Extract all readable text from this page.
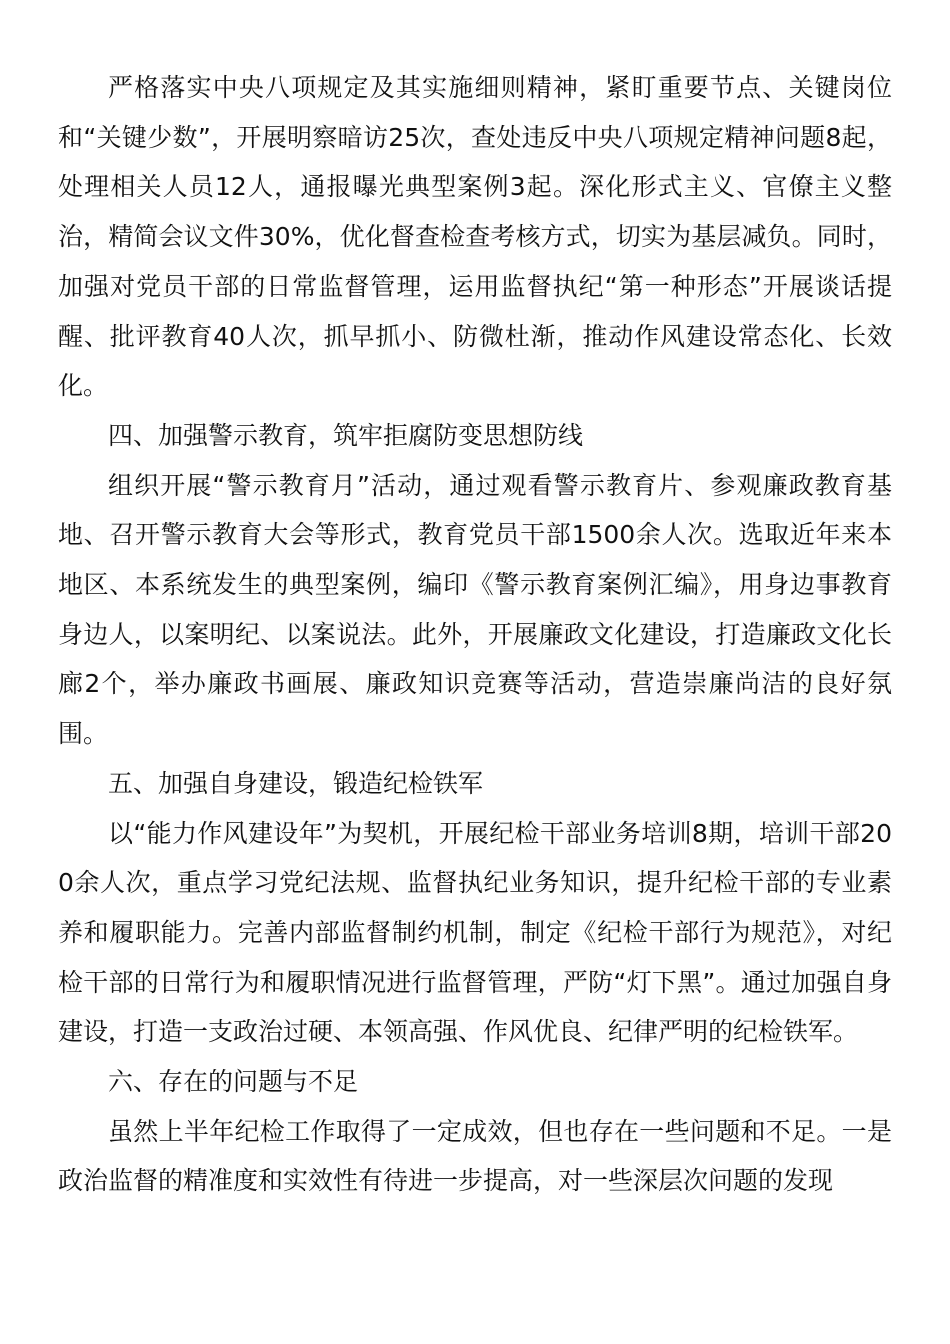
严格落实中央八项规定及其实施细则精神，紧盯重要节点、关键岗位和“关键少数”，开展明察暗访25次，查处违反中央八项规定精神问题8起，处理相关人员12人，通报曝光典型案例3起。深化形式主义、官僚主义整治，精简会议文件30%，优化督查检查考核方式，切实为基层减负。同时，加强对党员干部的日常监督管理，运用监督执纪“第一种形态”开展谈话提醒、批评教育40人次，抓早抓小、防微杜渐，推动作风建设常态化、长效化。

四、加强警示教育，筑牢拒腐防变思想防线

组织开展“警示教育月”活动，通过观看警示教育片、参观廉政教育基地、召开警示教育大会等形式，教育党员干部1500余人次。选取近年来本地区、本系统发生的典型案例，编印《警示教育案例汇编》，用身边事教育身边人，以案明纪、以案说法。此外，开展廉政文化建设，打造廉政文化长廊2个，举办廉政书画展、廉政知识竞赛等活动，营造崇廉尚洁的良好氛围。

五、加强自身建设，锻造纪检铁军

以“能力作风建设年”为契机，开展纪检干部业务培训8期，培训干部200余人次，重点学习党纪法规、监督执纪业务知识，提升纪检干部的专业素养和履职能力。完善内部监督制约机制，制定《纪检干部行为规范》，对纪检干部的日常行为和履职情况进行监督管理，严防“灯下黑”。通过加强自身建设，打造一支政治过硬、本领高强、作风优良、纪律严明的纪检铁军。

六、存在的问题与不足

虽然上半年纪检工作取得了一定成效，但也存在一些问题和不足。一是政治监督的精准度和实效性有待进一步提高，对一些深层次问题的发现
